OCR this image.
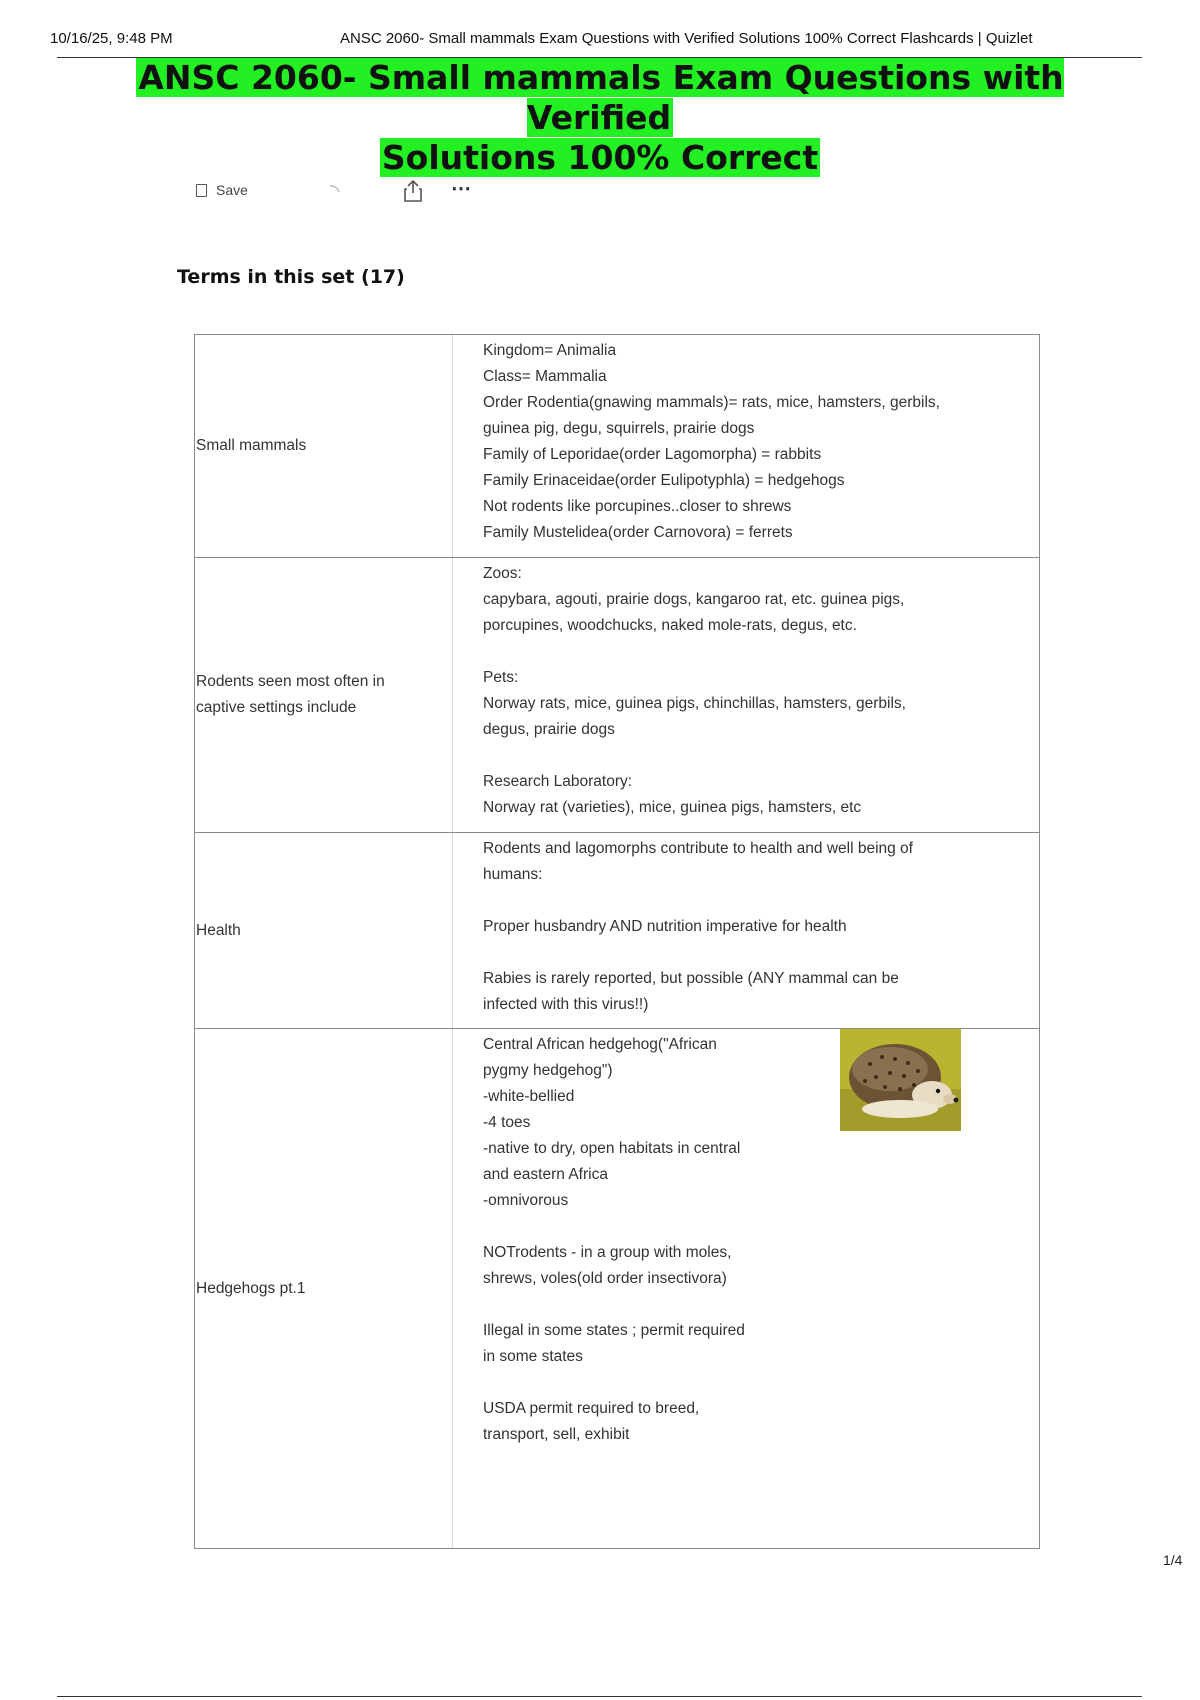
10/16/25, 9:48 PM	ANSC 2060- Small mammals Exam Questions with Verified Solutions 100% Correct Flashcards | Quizlet
ANSC 2060- Small mammals Exam Questions with Verified
Solutions 100% Correct
Save	⋯
Terms in this set (17)
Small mammals
Kingdom= Animalia
Class= Mammalia
Order Rodentia(gnawing mammals)= rats, mice, hamsters, gerbils,
guinea pig, degu, squirrels, prairie dogs
Family of Leporidae(order Lagomorpha) = rabbits
Family Erinaceidae(order Eulipotyphla) = hedgehogs
Not rodents like porcupines..closer to shrews
Family Mustelidea(order Carnovora) = ferrets
Rodents seen most often in captive settings include
Zoos:
capybara, agouti, prairie dogs, kangaroo rat, etc. guinea pigs,
porcupines, woodchucks, naked mole-rats, degus, etc.
Pets:
Norway rats, mice, guinea pigs, chinchillas, hamsters, gerbils,
degus, prairie dogs
Research Laboratory:
Norway rat (varieties), mice, guinea pigs, hamsters, etc
Health
Rodents and lagomorphs contribute to health and well being of
humans:
Proper husbandry AND nutrition imperative for health
Rabies is rarely reported, but possible (ANY mammal can be
infected with this virus!!)
Hedgehogs pt.1
Central African hedgehog("African
pygmy hedgehog")
-white-bellied
-4 toes
-native to dry, open habitats in central
and eastern Africa
-omnivorous
NOTrodents - in a group with moles,
shrews, voles(old order insectivora)
Illegal in some states ; permit required
in some states
USDA permit required to breed,
transport, sell, exhibit
1/4
